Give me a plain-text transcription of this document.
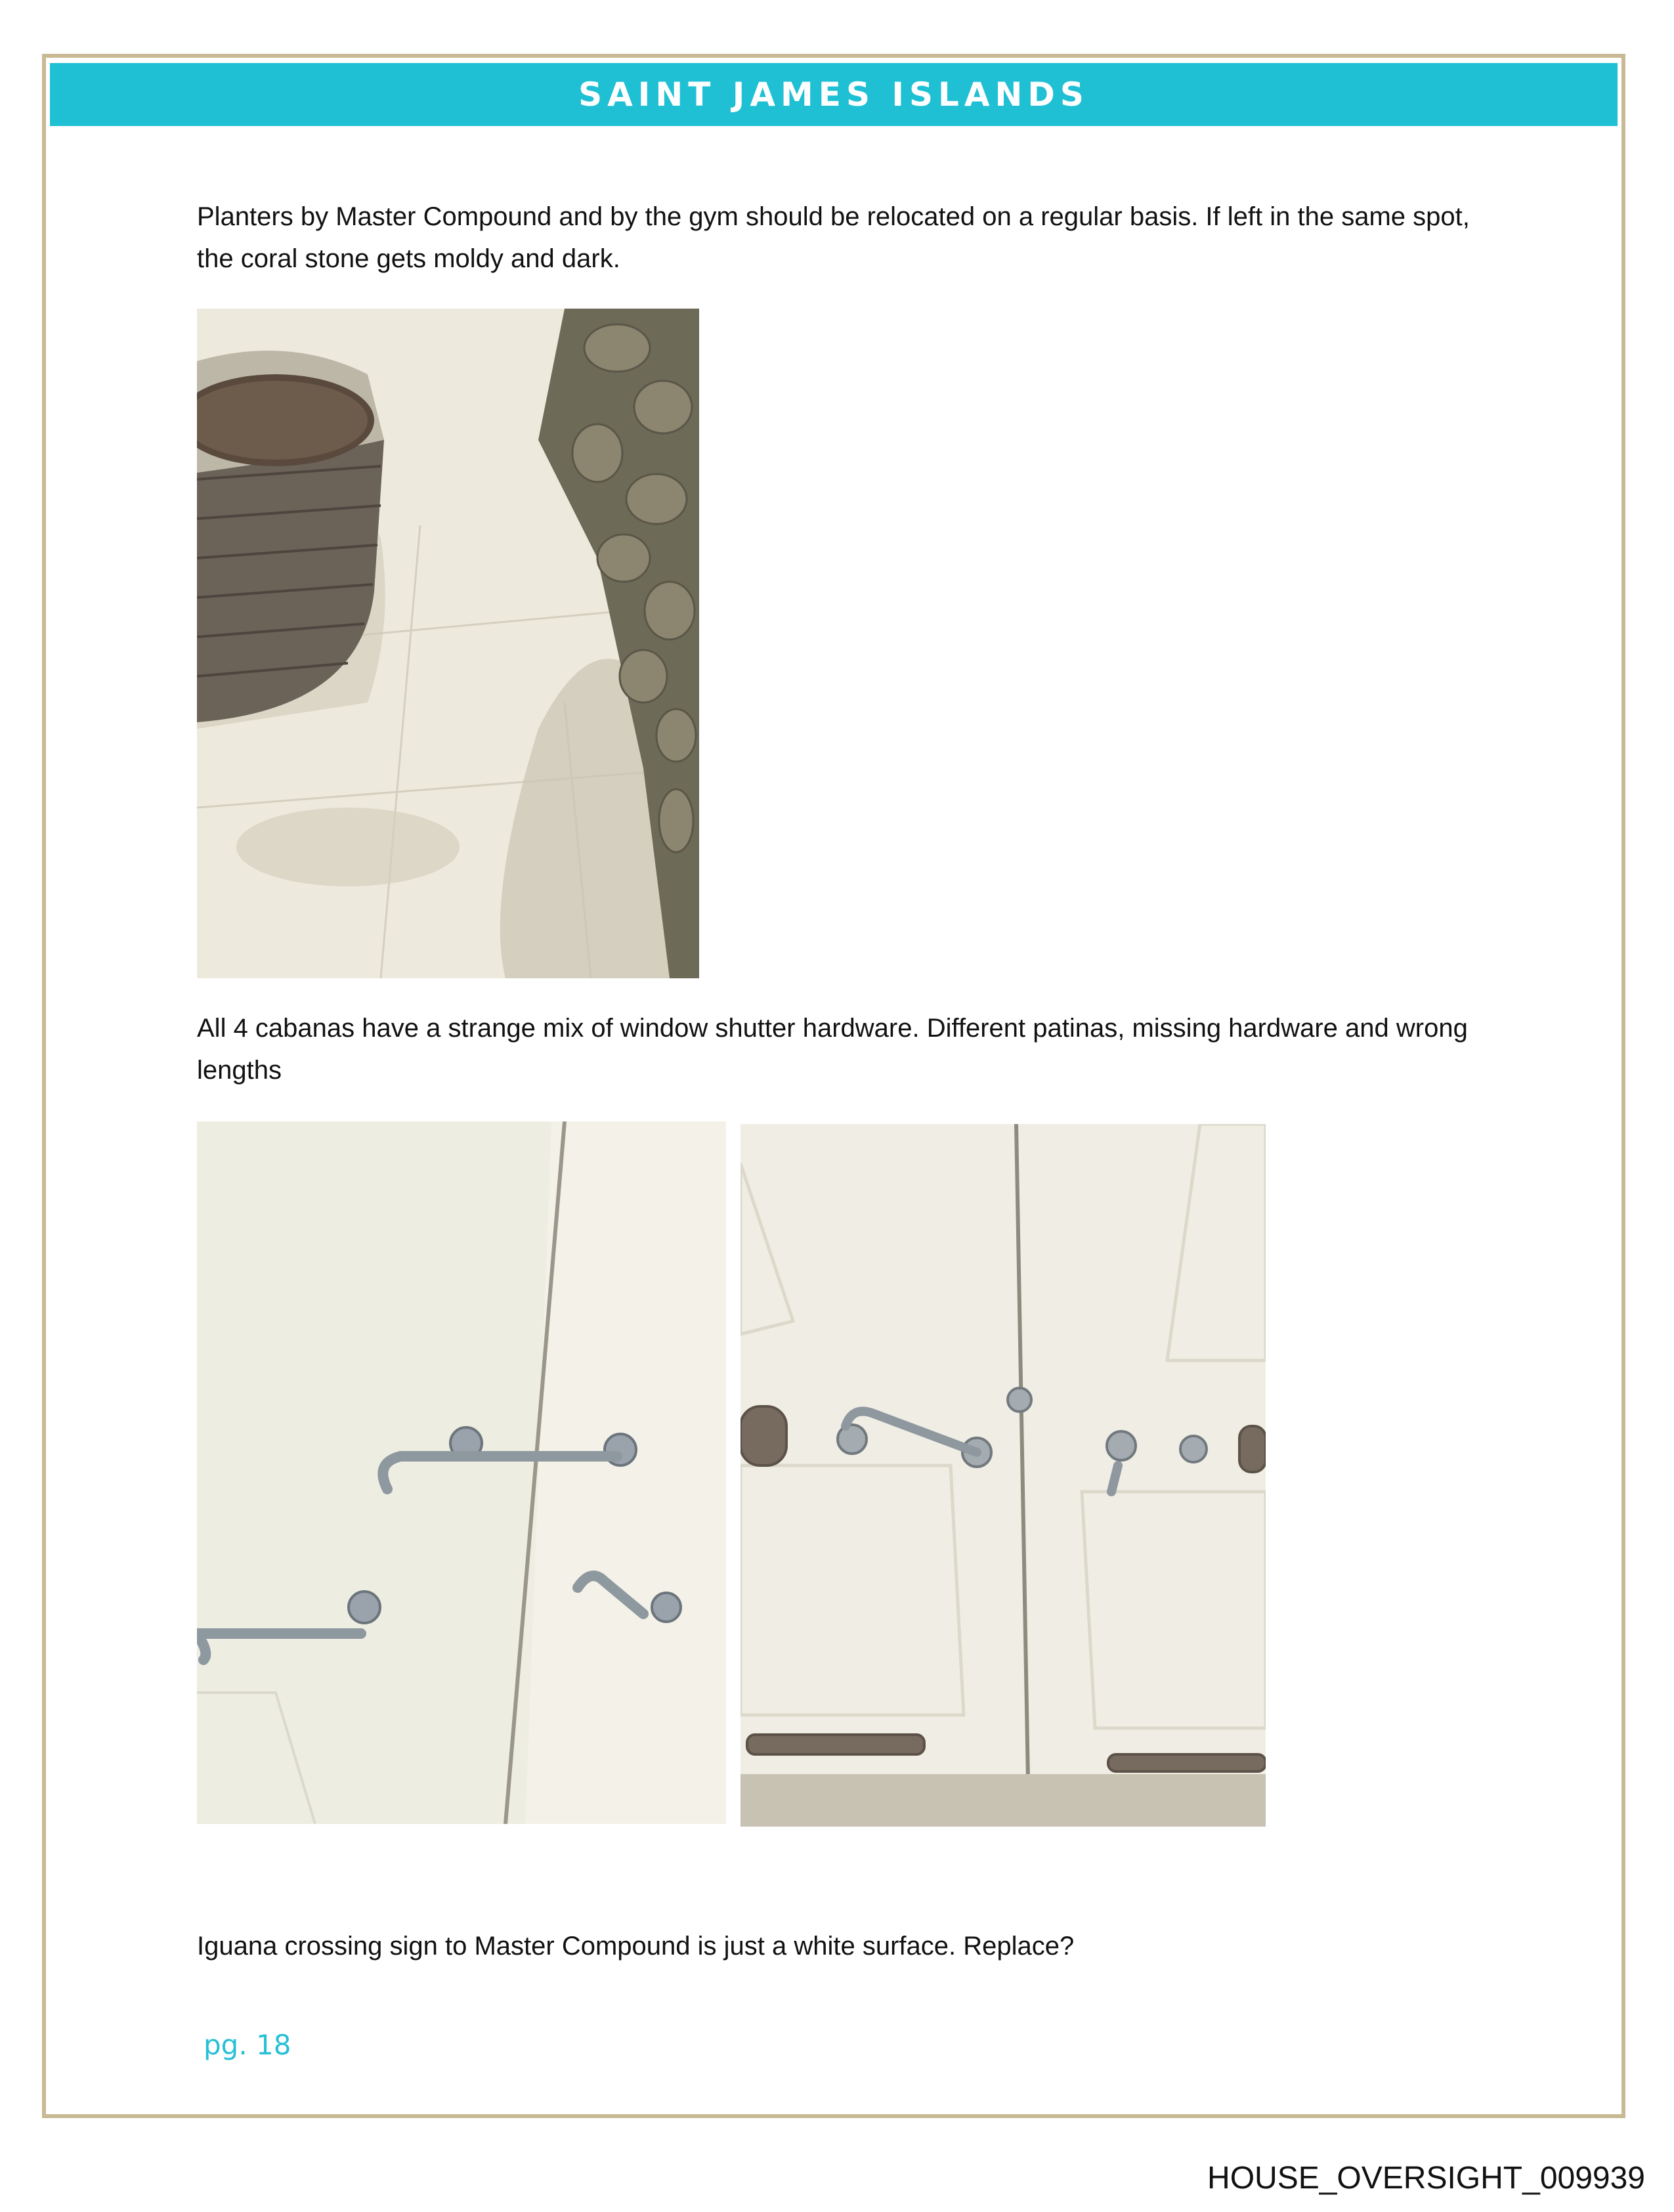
SAINT JAMES ISLANDS

Planters by Master Compound and by the gym should be relocated on a regular basis. If left in the same spot, the coral stone gets moldy and dark.

All 4 cabanas have a strange mix of window shutter hardware. Different patinas, missing hardware and wrong lengths

Iguana crossing sign to Master Compound is just a white surface. Replace?

pg. 18
HOUSE_OVERSIGHT_009939
